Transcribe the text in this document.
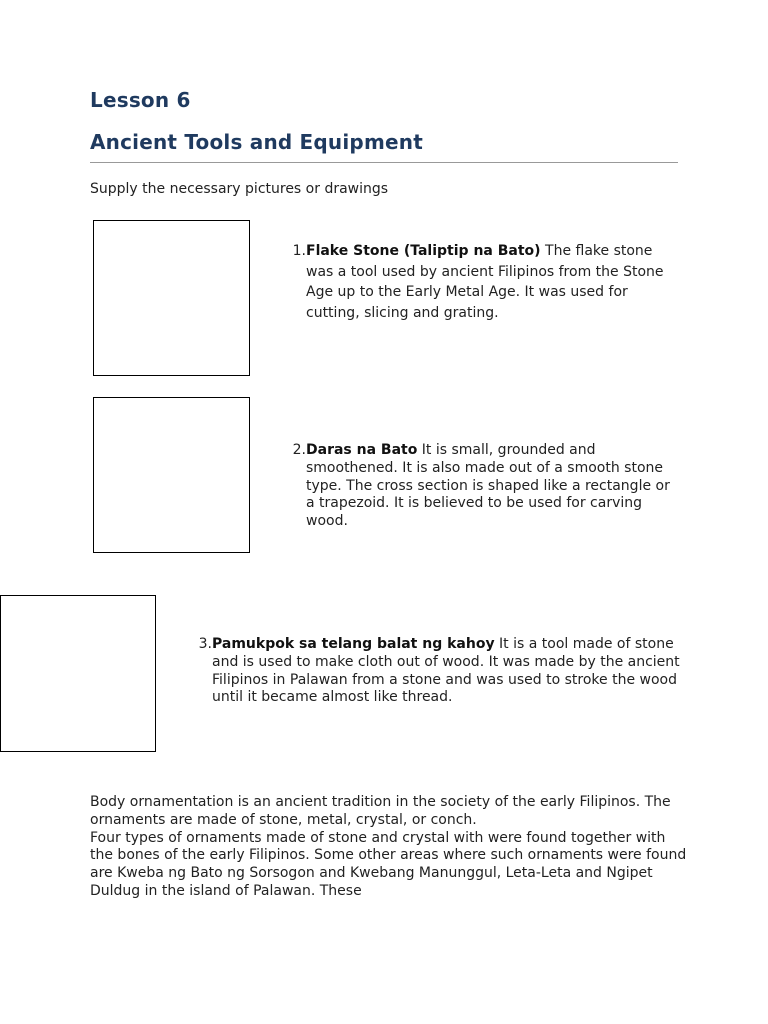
Lesson 6
Ancient Tools and Equipment

Supply the necessary pictures or drawings

1. Flake Stone (Taliptip na Bato) The flake stone was a tool used by ancient Filipinos from the Stone Age up to the Early Metal Age. It was used for cutting, slicing and grating.
2. Daras na Bato It is small, grounded and smoothened. It is also made out of a smooth stone type. The cross section is shaped like a rectangle or a trapezoid. It is believed to be used for carving wood.
3. Pamukpok sa telang balat ng kahoy It is a tool made of stone and is used to make cloth out of wood. It was made by the ancient Filipinos in Palawan from a stone and was used to stroke the wood until it became almost like thread.
Body ornamentation is an ancient tradition in the society of the early Filipinos. The ornaments are made of stone, metal, crystal, or conch.
Four types of ornaments made of stone and crystal with were found together with the bones of the early Filipinos. Some other areas where such ornaments were found are Kweba ng Bato ng Sorsogon and Kwebang Manunggul, Leta-Leta and Ngipet Duldug in the island of Palawan. These
